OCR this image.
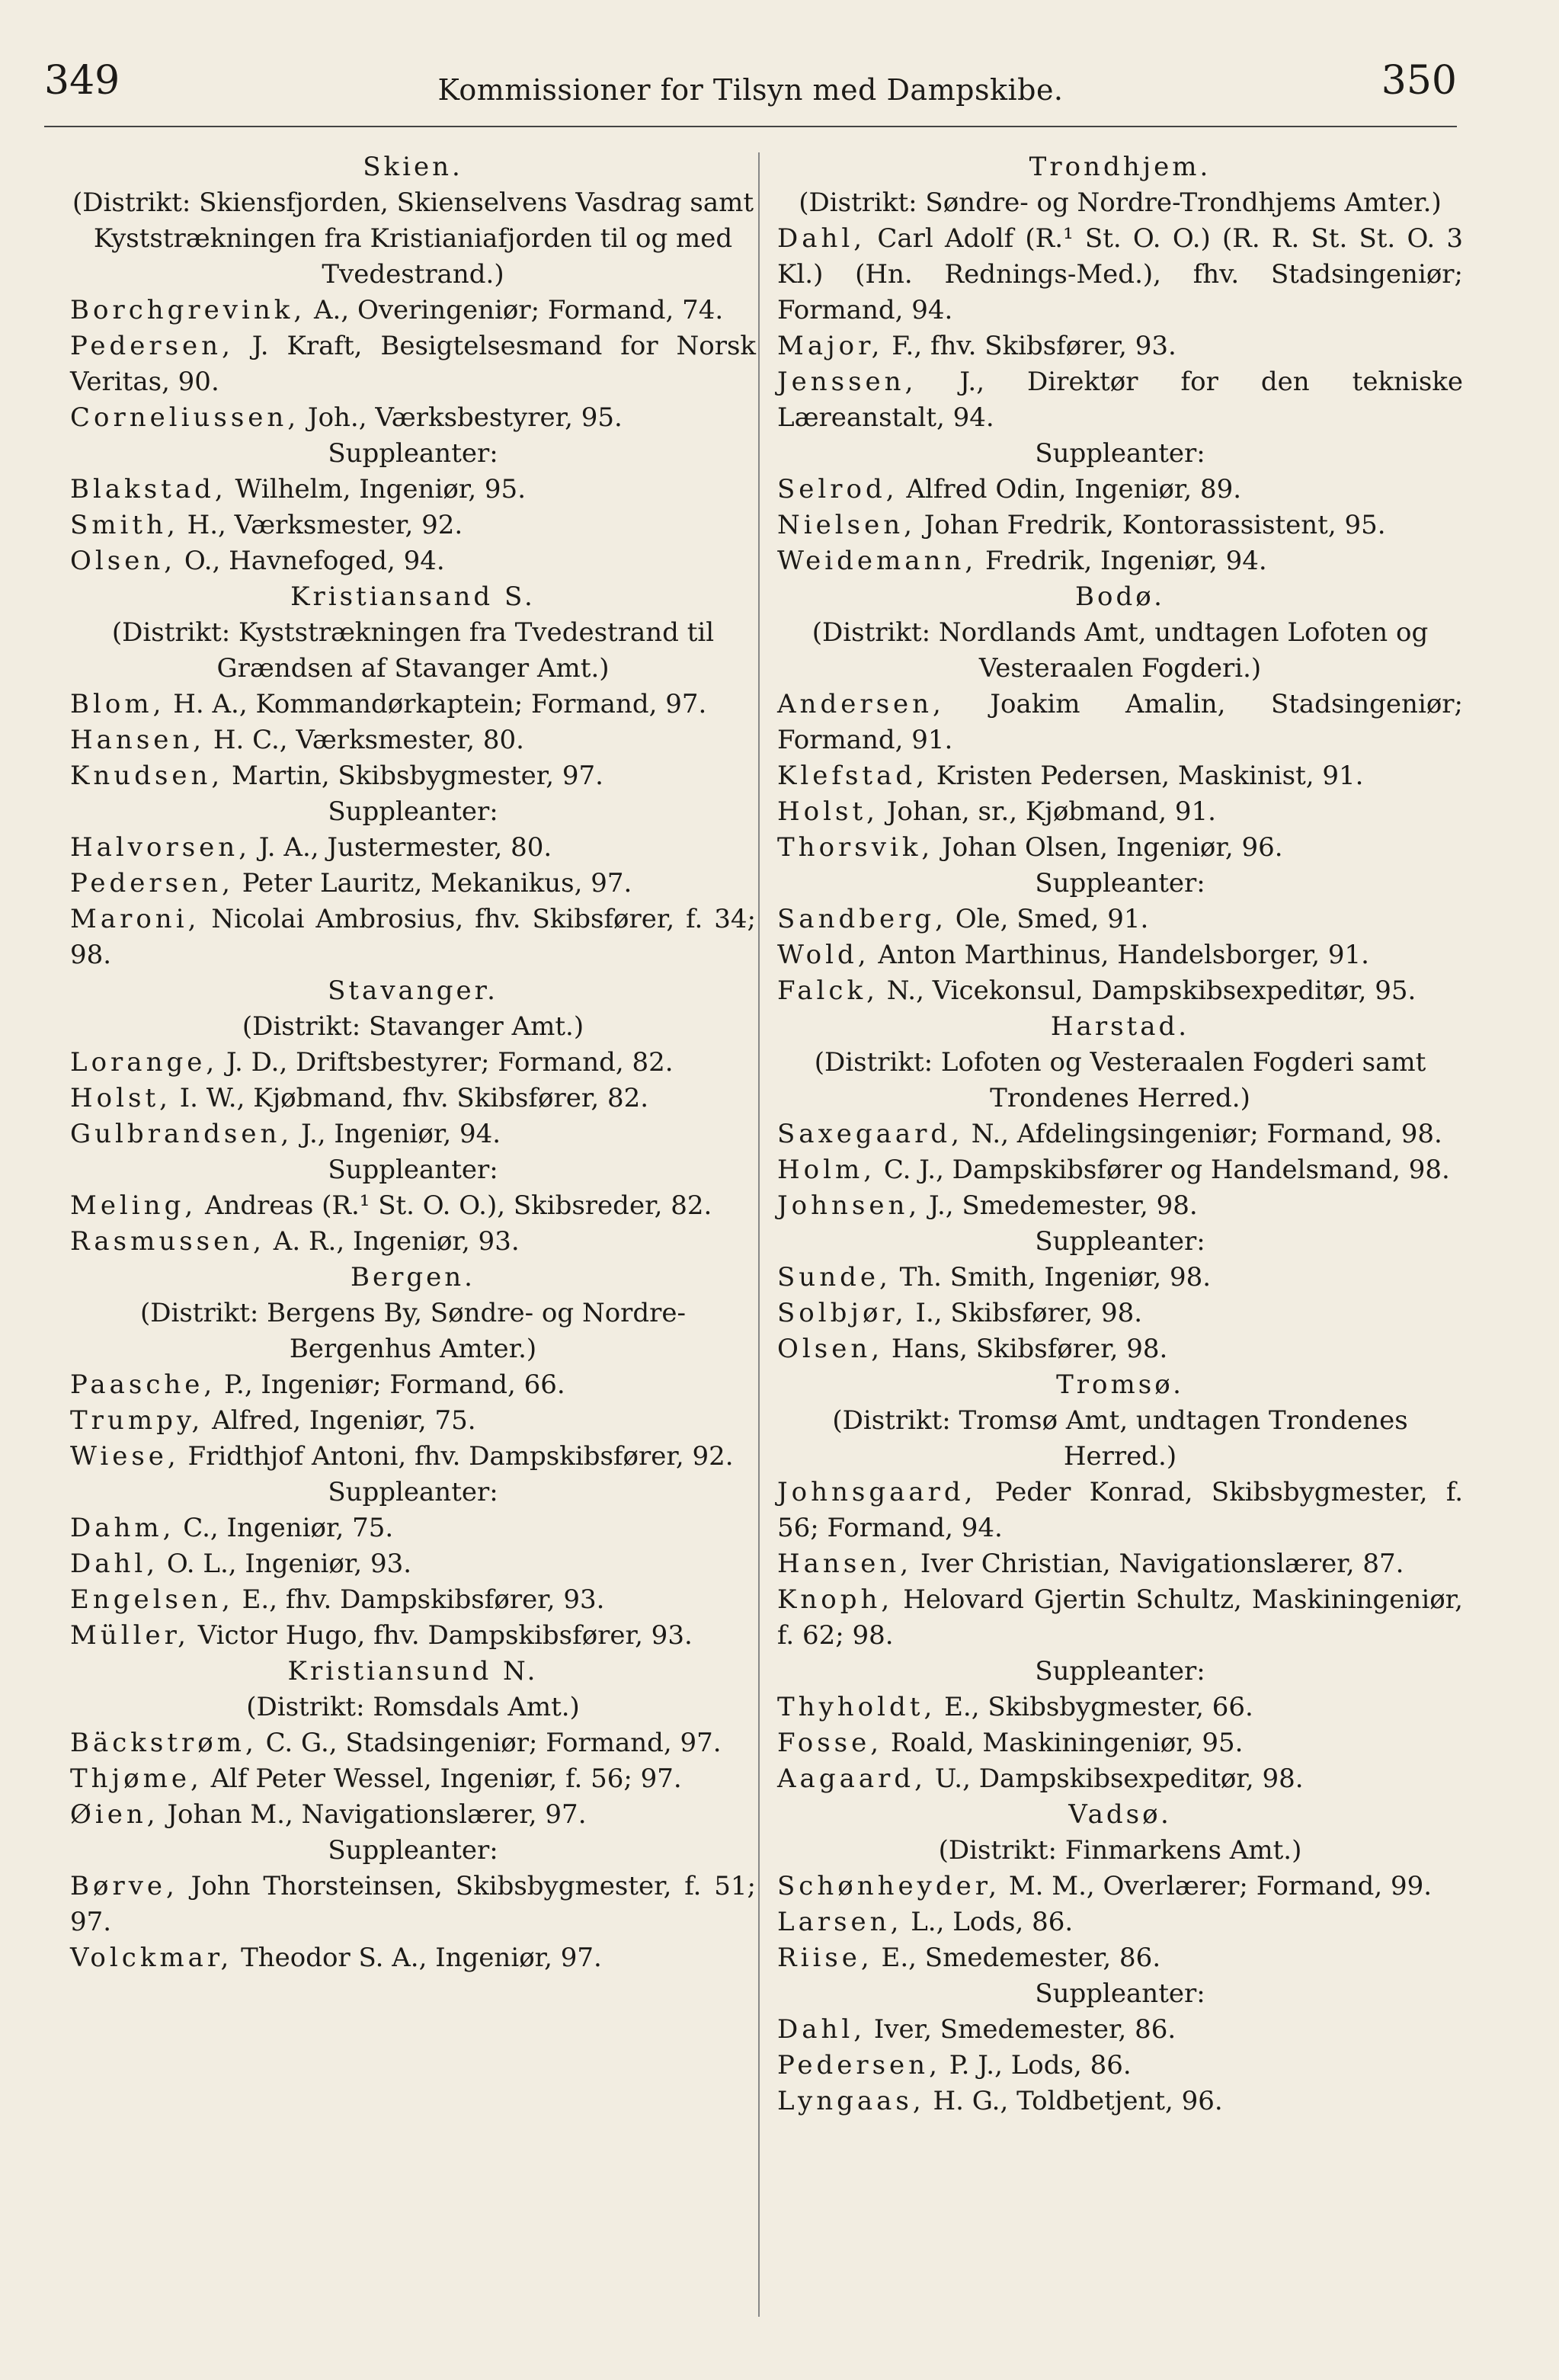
349	Kommissioner for Tilsyn med Dampskibe.	350
Skien.
(Distrikt: Skiensfjorden, Skienselvens Vasdrag samt Kyststrækningen fra Kristianiafjorden til og med Tvedestrand.)
Borchgrevink, A., Overingeniør; Formand, 74.
Pedersen, J. Kraft, Besigtelsesmand for Norsk Veritas, 90.
Corneliussen, Joh., Værksbestyrer, 95.
Suppleanter:
Blakstad, Wilhelm, Ingeniør, 95.
Smith, H., Værksmester, 92.
Olsen, O., Havnefoged, 94.
Kristiansand S.
(Distrikt: Kyststrækningen fra Tvedestrand til Grændsen af Stavanger Amt.)
Blom, H. A., Kommandørkaptein; Formand, 97.
Hansen, H. C., Værksmester, 80.
Knudsen, Martin, Skibsbygmester, 97.
Suppleanter:
Halvorsen, J. A., Justermester, 80.
Pedersen, Peter Lauritz, Mekanikus, 97.
Maroni, Nicolai Ambrosius, fhv. Skibsfører, f. 34; 98.
Stavanger.
(Distrikt: Stavanger Amt.)
Lorange, J. D., Driftsbestyrer; Formand, 82.
Holst, I. W., Kjøbmand, fhv. Skibsfører, 82.
Gulbrandsen, J., Ingeniør, 94.
Suppleanter:
Meling, Andreas (R.¹ St. O. O.), Skibsreder, 82.
Rasmussen, A. R., Ingeniør, 93.
Bergen.
(Distrikt: Bergens By, Søndre- og Nordre-Bergenhus Amter.)
Paasche, P., Ingeniør; Formand, 66.
Trumpy, Alfred, Ingeniør, 75.
Wiese, Fridthjof Antoni, fhv. Dampskibsfører, 92.
Suppleanter:
Dahm, C., Ingeniør, 75.
Dahl, O. L., Ingeniør, 93.
Engelsen, E., fhv. Dampskibsfører, 93.
Müller, Victor Hugo, fhv. Dampskibsfører, 93.
Kristiansund N.
(Distrikt: Romsdals Amt.)
Bäckstrøm, C. G., Stadsingeniør; Formand, 97.
Thjøme, Alf Peter Wessel, Ingeniør, f. 56; 97.
Øien, Johan M., Navigationslærer, 97.
Suppleanter:
Børve, John Thorsteinsen, Skibsbygmester, f. 51; 97.
Volckmar, Theodor S. A., Ingeniør, 97.
Trondhjem.
(Distrikt: Søndre- og Nordre-Trondhjems Amter.)
Dahl, Carl Adolf (R.¹ St. O. O.) (R. R. St. St. O. 3 Kl.) (Hn. Rednings-Med.), fhv. Stadsingeniør; Formand, 94.
Major, F., fhv. Skibsfører, 93.
Jenssen, J., Direktør for den tekniske Læreanstalt, 94.
Suppleanter:
Selrod, Alfred Odin, Ingeniør, 89.
Nielsen, Johan Fredrik, Kontorassistent, 95.
Weidemann, Fredrik, Ingeniør, 94.
Bodø.
(Distrikt: Nordlands Amt, undtagen Lofoten og Vesteraalen Fogderi.)
Andersen, Joakim Amalin, Stadsingeniør; Formand, 91.
Klefstad, Kristen Pedersen, Maskinist, 91.
Holst, Johan, sr., Kjøbmand, 91.
Thorsvik, Johan Olsen, Ingeniør, 96.
Suppleanter:
Sandberg, Ole, Smed, 91.
Wold, Anton Marthinus, Handelsborger, 91.
Falck, N., Vicekonsul, Dampskibsexpeditør, 95.
Harstad.
(Distrikt: Lofoten og Vesteraalen Fogderi samt Trondenes Herred.)
Saxegaard, N., Afdelingsingeniør; Formand, 98.
Holm, C. J., Dampskibsfører og Handelsmand, 98.
Johnsen, J., Smedemester, 98.
Suppleanter:
Sunde, Th. Smith, Ingeniør, 98.
Solbjør, I., Skibsfører, 98.
Olsen, Hans, Skibsfører, 98.
Tromsø.
(Distrikt: Tromsø Amt, undtagen Trondenes Herred.)
Johnsgaard, Peder Konrad, Skibsbygmester, f. 56; Formand, 94.
Hansen, Iver Christian, Navigationslærer, 87.
Knoph, Helovard Gjertin Schultz, Maskiningeniør, f. 62; 98.
Suppleanter:
Thyholdt, E., Skibsbygmester, 66.
Fosse, Roald, Maskiningeniør, 95.
Aagaard, U., Dampskibsexpeditør, 98.
Vadsø.
(Distrikt: Finmarkens Amt.)
Schønheyder, M. M., Overlærer; Formand, 99.
Larsen, L., Lods, 86.
Riise, E., Smedemester, 86.
Suppleanter:
Dahl, Iver, Smedemester, 86.
Pedersen, P. J., Lods, 86.
Lyngaas, H. G., Toldbetjent, 96.
